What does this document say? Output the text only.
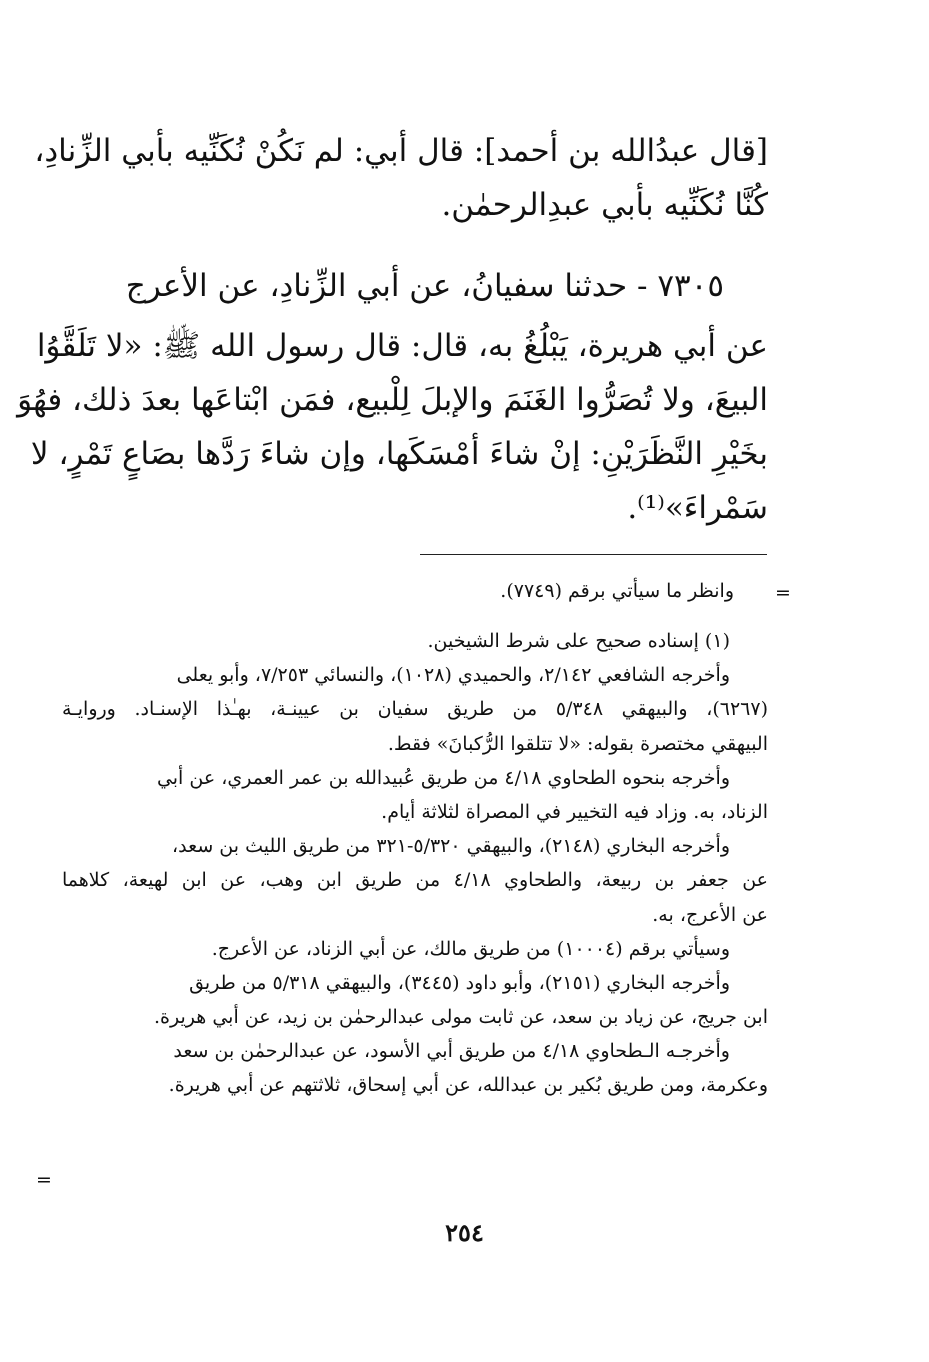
[قال عبدُالله بن أحمد]: قال أبي: لم نَكُنْ نُكَنِّيه بأبي الزِّنادِ،
كُنَّا نُكَنِّيه بأبي عبدِالرحمٰن.
٧٣٠٥ - حدثنا سفيانُ، عن أبي الزِّنادِ، عن الأعرج
عن أبي هريرة، يَبْلُغُ به، قال: قال رسول الله ﷺ: «لا تَلَقَّوُا
البيعَ، ولا تُصَرُّوا الغَنَمَ والإبلَ لِلْبيع، فمَن ابْتاعَها بعدَ ذلك، فهُوَ
بخَيْرِ النَّظَرَيْنِ: إنْ شاءَ أمْسَكَها، وإن شاءَ رَدَّها بصَاعٍ تَمْرٍ، لا
سَمْراءَ»⁽¹⁾.
وانظر ما سيأتي برقم (٧٧٤٩). =
(١) إسناده صحيح على شرط الشيخين.
وأخرجه الشافعي ٢/١٤٢، والحميدي (١٠٢٨)، والنسائي ٧/٢٥٣، وأبو يعلى
(٦٢٦٧)، والبيهقي ٥/٣٤٨ من طريق سفيان بن عيينـة، بهـٰذا الإسنـاد. وروايـة
البيهقي مختصرة بقوله: «لا تتلقوا الرُّكبانَ» فقط.
وأخرجه بنحوه الطحاوي ٤/١٨ من طريق عُبيدالله بن عمر العمري، عن أبي
الزناد، به. وزاد فيه التخيير في المصراة لثلاثة أيام.
وأخرجه البخاري (٢١٤٨)، والبيهقي ٥/٣٢٠-٣٢١ من طريق الليث بن سعد،
عن جعفر بن ربيعة، والطحاوي ٤/١٨ من طريق ابن وهب، عن ابن لهيعة، كلاهما
عن الأعرج، به.
وسيأتي برقم (١٠٠٠٤) من طريق مالك، عن أبي الزناد، عن الأعرج.
وأخرجه البخاري (٢١٥١)، وأبو داود (٣٤٤٥)، والبيهقي ٥/٣١٨ من طريق
ابن جريج، عن زياد بن سعد، عن ثابت مولى عبدالرحمٰن بن زيد، عن أبي هريرة.
وأخرجـه الـطحاوي ٤/١٨ من طريق أبي الأسود، عن عبدالرحمٰن بن سعد
وعكرمة، ومن طريق بُكير بن عبدالله، عن أبي إسحاق، ثلاثتهم عن أبي هريرة.
=
٢٥٤
